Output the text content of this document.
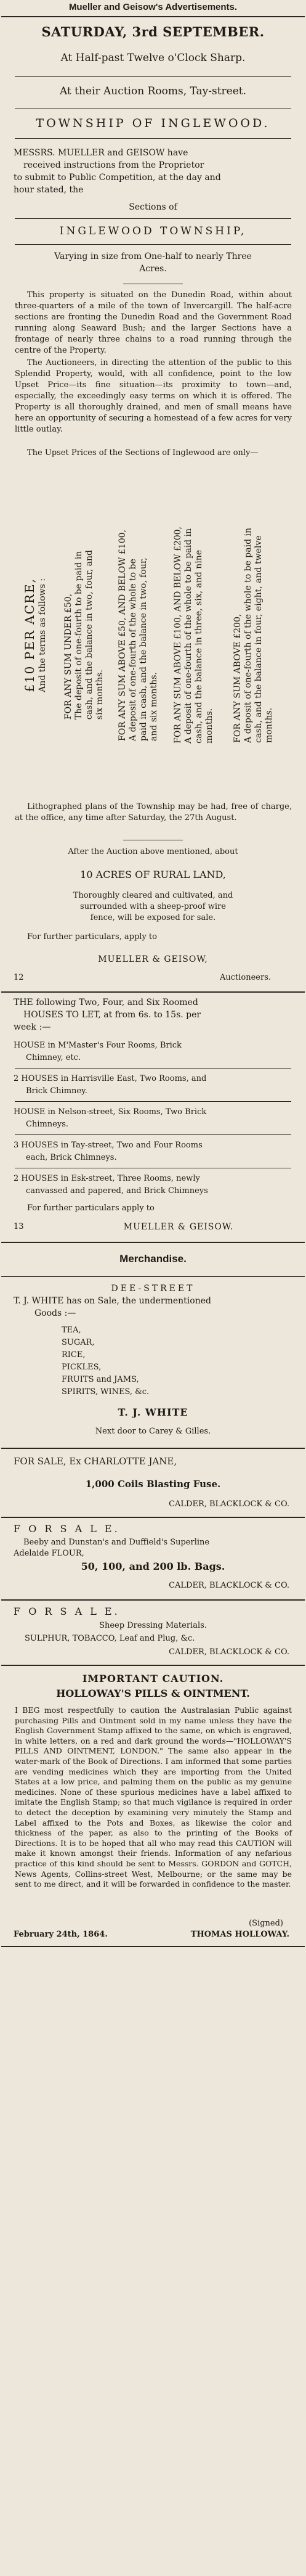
Mueller and Geisow's Advertisements.
SATURDAY, 3rd SEPTEMBER.
At Half-past Twelve o'Clock Sharp.
At their Auction Rooms, Tay-street.
TOWNSHIP OF INGLEWOOD.
MESSRS. MUELLER and GEISOW have
received instructions from the Proprietor
to submit to Public Competition, at the day and
hour stated, the
Sections of
INGLEWOOD TOWNSHIP,
Varying in size from One-half to nearly Three
Acres.
This property is situated on the Dunedin Road, within about three-quarters of a mile of the town of Invercargill. The half-acre sections are fronting the Dunedin Road and the Government Road running along Seaward Bush; and the larger Sections have a frontage of nearly three chains to a road running through the centre of the Property.
The Auctioneers, in directing the attention of the public to this Splendid Property, would, with all confidence, point to the low Upset Price—its fine situation—its proximity to town—and, especially, the exceedingly easy terms on which it is offered. The Property is all thoroughly drained, and men of small means have here an opportunity of securing a homestead of a few acres for very little outlay.
The Upset Prices of the Sections of Inglewood are only—
£10 PER ACRE, And the terms as follows : FOR ANY SUM UNDER £50, The deposit of one-fourth to be paid in cash, and the balance in two, four, and six months. FOR ANY SUM ABOVE £50, AND BELOW £100, A deposit of one-fourth of the whole to be paid in cash, and the balance in two, four, and six months. FOR ANY SUM ABOVE £100, AND BELOW £200, A deposit of one-fourth of the whole to be paid in cash, and the balance in three, six, and nine months. FOR ANY SUM ABOVE £200, A deposit of one-fourth of the whole to be paid in cash, and the balance in four, eight, and twelve months.
Lithographed plans of the Township may be had, free of charge, at the office, any time after Saturday, the 27th August.
After the Auction above mentioned, about
10 ACRES OF RURAL LAND,
Thoroughly cleared and cultivated, and
surrounded with a sheep-proof wire
fence, will be exposed for sale.
For further particulars, apply to
MUELLER & GEISOW,
12	Auctioneers.
THE following Two, Four, and Six Roomed
HOUSES TO LET, at from 6s. to 15s. per
week :—
HOUSE in M'Master's Four Rooms, Brick
Chimney, etc.
2 HOUSES in Harrisville East, Two Rooms, and
Brick Chimney.
HOUSE in Nelson-street, Six Rooms, Two Brick
Chimneys.
3 HOUSES in Tay-street, Two and Four Rooms
each, Brick Chimneys.
2 HOUSES in Esk-street, Three Rooms, newly
canvassed and papered, and Brick Chimneys
For further particulars apply to
13	MUELLER & GEISOW.
Merchandise.
DEE-STREET
T. J. WHITE has on Sale, the undermentioned
Goods :—
TEA,
SUGAR,
RICE,
PICKLES,
FRUITS and JAMS,
SPIRITS, WINES, &c.
T. J. WHITE
Next door to Carey & Gilles.
FOR SALE, Ex CHARLOTTE JANE,
1,000 Coils Blasting Fuse.
CALDER, BLACKLOCK & CO.
F O R S A L E.
Beeby and Dunstan's and Duffield's Superline
Adelaide FLOUR,
50, 100, and 200 lb. Bags.
CALDER, BLACKLOCK & CO.
F O R S A L E.
Sheep Dressing Materials.
SULPHUR, TOBACCO, Leaf and Plug, &c.
CALDER, BLACKLOCK & CO.
IMPORTANT CAUTION.
HOLLOWAY'S PILLS & OINTMENT.
I BEG most respectfully to caution the Australasian Public against purchasing Pills and Ointment sold in my name unless they have the English Government Stamp affixed to the same, on which is engraved, in white letters, on a red and dark ground the words—"HOLLOWAY'S PILLS AND OINTMENT, LONDON." The same also appear in the water-mark of the Book of Directions. I am informed that some parties are vending medicines which they are importing from the United States at a low price, and palming them on the public as my genuine medicines. None of these spurious medicines have a label affixed to imitate the English Stamp; so that much vigilance is required in order to detect the deception by examining very minutely the Stamp and Label affixed to the Pots and Boxes, as likewise the color and thickness of the paper, as also to the printing of the Books of Directions. It is to be hoped that all who may read this CAUTION will make it known amongst their friends. Information of any nefarious practice of this kind should be sent to Messrs. GORDON and GOTCH, News Agents, Collins-street West, Melbourne; or the same may be sent to me direct, and it will be forwarded in confidence to the master.
(Signed)
THOMAS HOLLOWAY.
February 24th, 1864.
